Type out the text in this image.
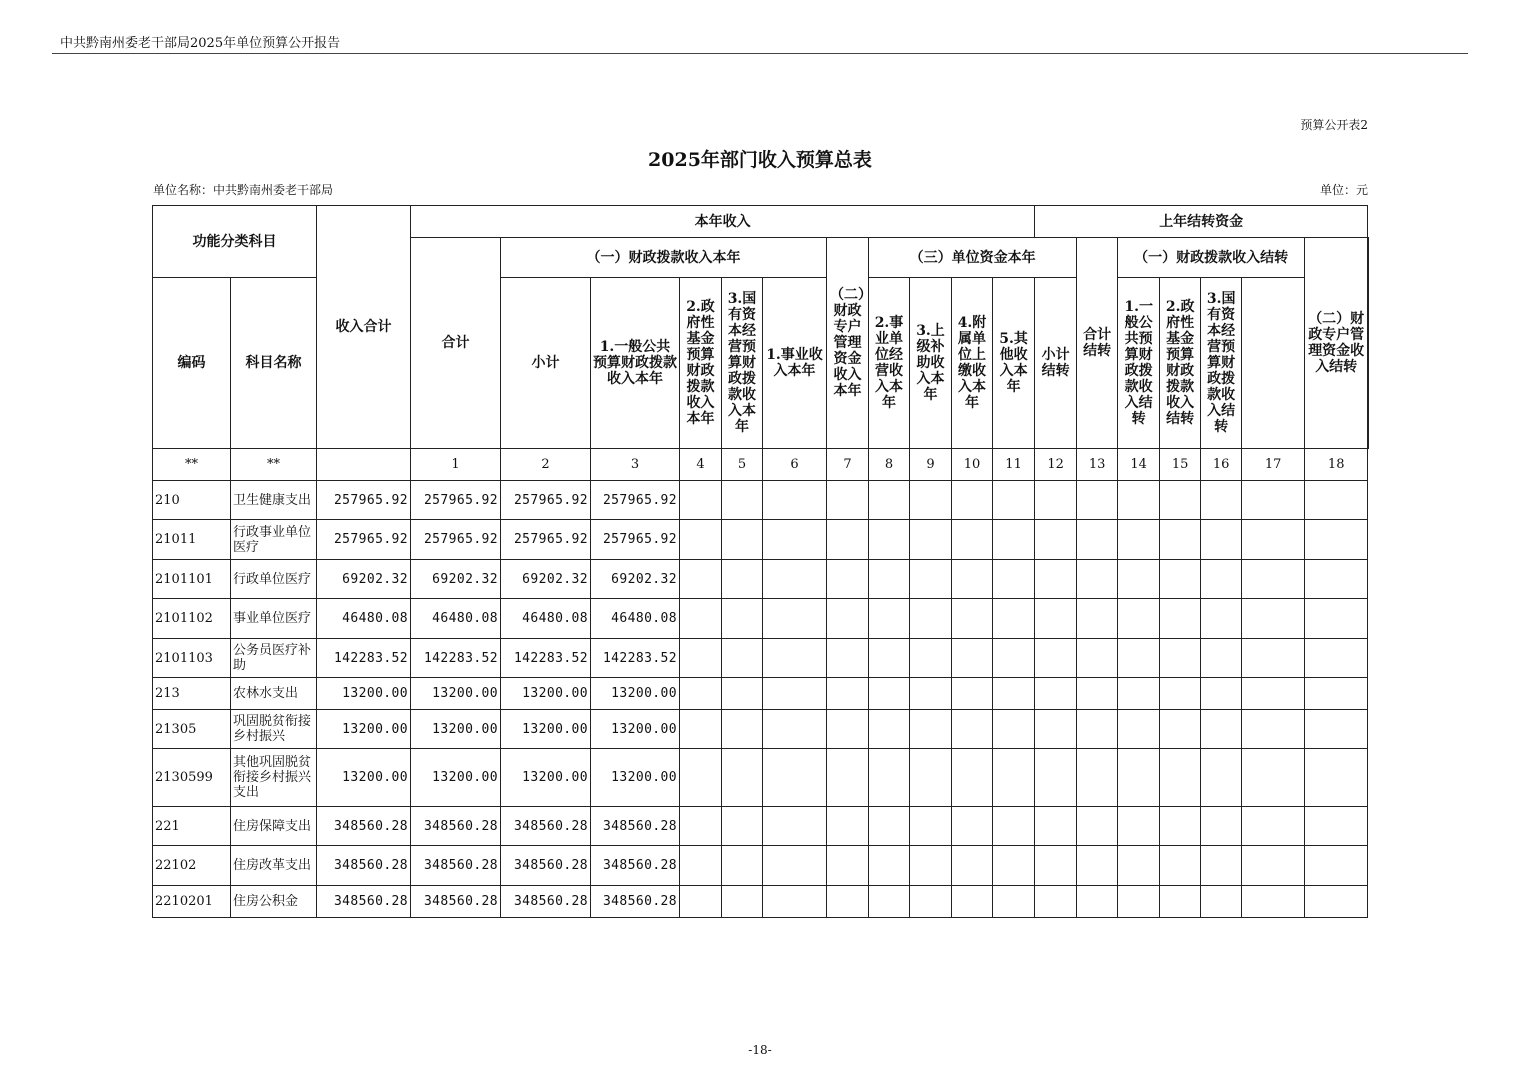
中共黔南州委老干部局2025年单位预算公开报告
预算公开表2
2025年部门收入预算总表
单位名称：中共黔南州委老干部局	单位：元
功能分类科目		收入合计	本年收入											上年结转资金							
			合计	（一）财政拨款收入本年					（二）财政专户管理资金收入本年	（三）单位资金本年					合计结转	（一）财政拨款收入结转				（二）财政专户管理资金收入结转	
编码	科目名称			小计	1.一般公共预算财政拨款收入本年	2.政府性基金预算财政拨款收入本年	3.国有资本经营预算财政拨款收入本年	1.事业收入本年		2.事业单位经营收入本年	3.上级补助收入本年	4.附属单位上缴收入本年	5.其他收入本年	小计结转		1.一般公共预算财政拨款收入结转	2.政府性基金预算财政拨款收入结转	3.国有资本经营预算财政拨款收入结转			
**	**		1	2	3	4	5	6	7	8	9	10	11	12	13	14	15	16	17	18	
210	卫生健康支出	257965.92	257965.92	257965.92	257965.92																
21011	行政事业单位医疗	257965.92	257965.92	257965.92	257965.92																
2101101	行政单位医疗	69202.32	69202.32	69202.32	69202.32																
2101102	事业单位医疗	46480.08	46480.08	46480.08	46480.08																
2101103	公务员医疗补助	142283.52	142283.52	142283.52	142283.52																
213	农林水支出	13200.00	13200.00	13200.00	13200.00																
21305	巩固脱贫衔接乡村振兴	13200.00	13200.00	13200.00	13200.00																
2130599	其他巩固脱贫衔接乡村振兴支出	13200.00	13200.00	13200.00	13200.00																
221	住房保障支出	348560.28	348560.28	348560.28	348560.28																
22102	住房改革支出	348560.28	348560.28	348560.28	348560.28																
2210201	住房公积金	348560.28	348560.28	348560.28	348560.28																
-18-
